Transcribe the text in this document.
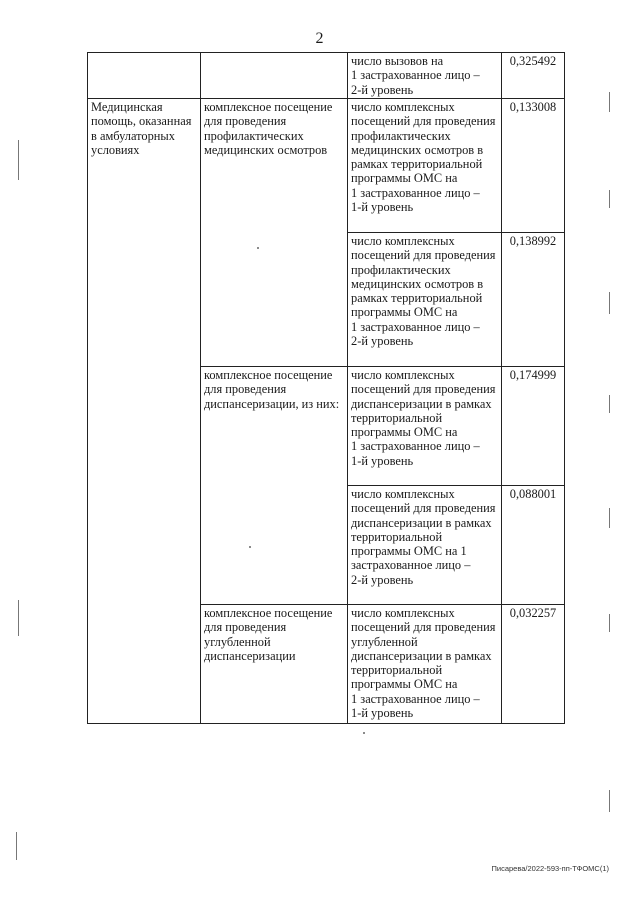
2
		число вызовов на
1 застрахованное лицо –
2-й уровень	0,325492
Медицинская помощь, оказанная в амбулаторных условиях	комплексное посещение для проведения профилактических медицинских осмотров	число комплексных посещений для проведения профилактических медицинских осмотров в рамках территориальной программы ОМС на
1 застрахованное лицо –
1-й уровень	0,133008
		число комплексных посещений для проведения профилактических медицинских осмотров в рамках территориальной программы ОМС на
1 застрахованное лицо –
2-й уровень	0,138992
	комплексное посещение для проведения диспансеризации, из них:	число комплексных посещений для проведения диспансеризации в рамках территориальной программы ОМС на
1 застрахованное лицо –
1-й уровень	0,174999
		число комплексных посещений для проведения диспансеризации в рамках территориальной программы ОМС на 1 застрахованное лицо –
2-й уровень	0,088001
	комплексное посещение для проведения углубленной диспансеризации	число комплексных посещений для проведения углубленной диспансеризации в рамках территориальной программы ОМС на
1 застрахованное лицо –
1-й уровень	0,032257
Писарева/2022-593-пп-ТФОМС(1)
